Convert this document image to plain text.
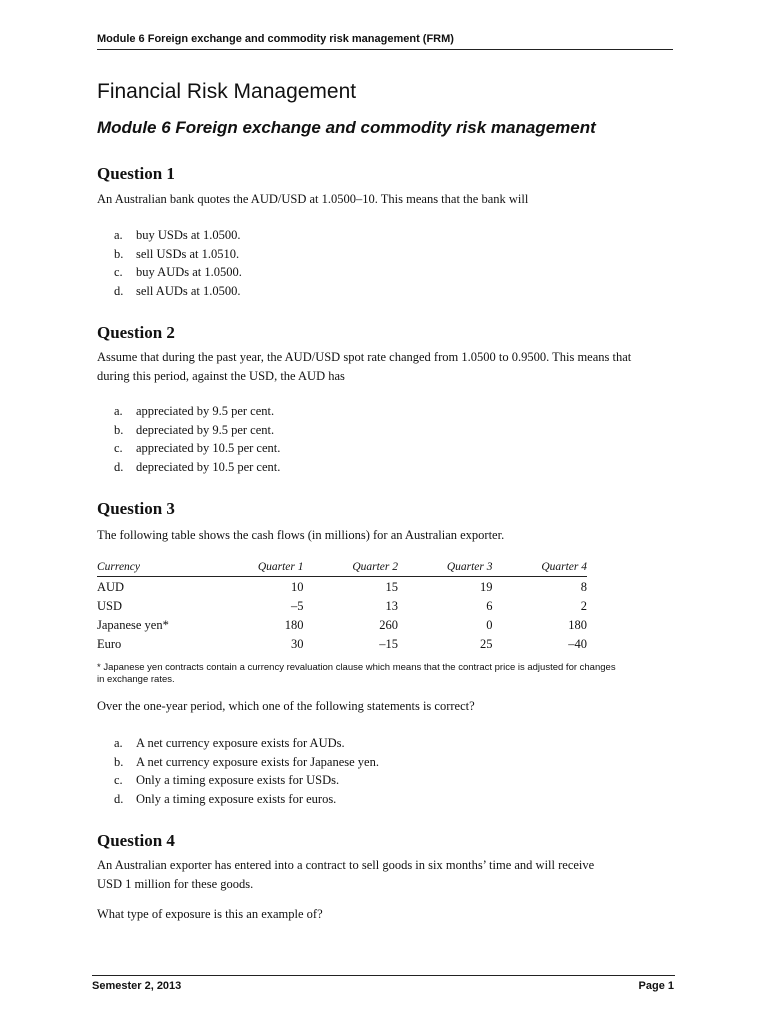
Module 6 Foreign exchange and commodity risk management (FRM)
Financial Risk Management
Module 6 Foreign exchange and commodity risk management
Question 1

An Australian bank quotes the AUD/USD at 1.0500–10. This means that the bank will

a.	buy USDs at 1.0500.
b.	sell USDs at 1.0510.
c.	buy AUDs at 1.0500.
d.	sell AUDs at 1.0500.
Question 2

Assume that during the past year, the AUD/USD spot rate changed from 1.0500 to 0.9500. This means that during this period, against the USD, the AUD has

a.	appreciated by 9.5 per cent.
b.	depreciated by 9.5 per cent.
c.	appreciated by 10.5 per cent.
d.	depreciated by 10.5 per cent.
Question 3

The following table shows the cash flows (in millions) for an Australian exporter.

Currency	Quarter 1	Quarter 2	Quarter 3	Quarter 4
AUD	10	15	19	8
USD	–5	13	6	2
Japanese yen*	180	260	0	180
Euro	30	–15	25	–40

* Japanese yen contracts contain a currency revaluation clause which means that the contract price is adjusted for changes in exchange rates.

Over the one-year period, which one of the following statements is correct?

a.	A net currency exposure exists for AUDs.
b.	A net currency exposure exists for Japanese yen.
c.	Only a timing exposure exists for USDs.
d.	Only a timing exposure exists for euros.
Question 4

An Australian exporter has entered into a contract to sell goods in six months’ time and will receive

USD 1 million for these goods.

What type of exposure is this an example of?

Semester 2, 2013	Page 1
